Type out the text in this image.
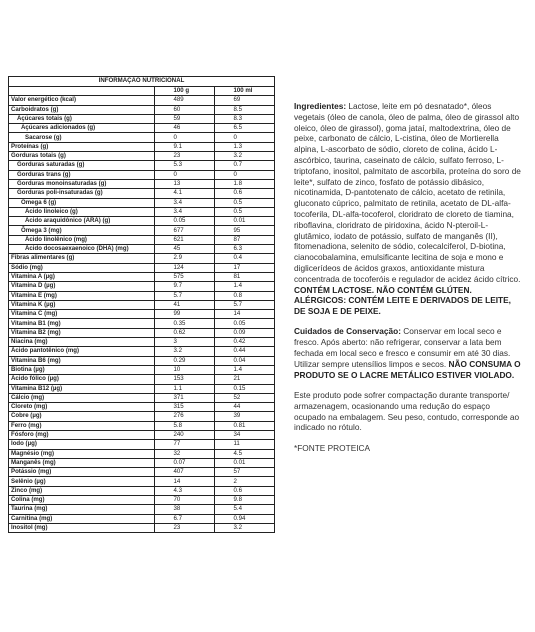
INFORMAÇÃO NUTRICIONAL		
	100 g	100 ml
Valor energético (kcal)	489	69
Carboidratos (g)	60	8.5
Açúcares totais (g)	59	8.3
Açúcares adicionados (g)	46	6.5
Sacarose (g)	0	0
Proteínas (g)	9.1	1.3
Gorduras totais (g)	23	3.2
Gorduras saturadas (g)	5.3	0.7
Gorduras trans (g)	0	0
Gorduras monoinsaturadas (g)	13	1.8
Gorduras poli-insaturadas (g)	4.1	0.6
Ômega 6 (g)	3.4	0.5
Ácido linoleico (g)	3.4	0.5
Ácido araquidônico (ARA) (g)	0.05	0.01
Ômega 3 (mg)	677	95
Ácido linolênico (mg)	621	87
Ácido docosaexaenoico (DHA) (mg)	45	6.3
Fibras alimentares (g)	2.9	0.4
Sódio (mg)	124	17
Vitamina A (µg)	575	81
Vitamina D (µg)	9.7	1.4
Vitamina E (mg)	5.7	0.8
Vitamina K (µg)	41	5.7
Vitamina C (mg)	99	14
Vitamina B1 (mg)	0.35	0.05
Vitamina B2 (mg)	0.62	0.09
Niacina (mg)	3	0.42
Ácido pantotênico (mg)	3.2	0.44
Vitamina B6 (mg)	0.29	0.04
Biotina (µg)	10	1.4
Ácido fólico (µg)	153	21
Vitamina B12 (µg)	1.1	0.15
Cálcio (mg)	371	52
Cloreto (mg)	315	44
Cobre (µg)	276	39
Ferro (mg)	5.8	0.81
Fósforo (mg)	240	34
Iodo (µg)	77	11
Magnésio (mg)	32	4.5
Manganês (mg)	0.07	0.01
Potássio (mg)	407	57
Selênio (µg)	14	2
Zinco (mg)	4.3	0.6
Colina (mg)	70	9.8
Taurina (mg)	38	5.4
Carnitina (mg)	6.7	0.94
Inositol (mg)	23	3.2

Ingredientes: Lactose, leite em pó desnatado*, óleos vegetais (óleo de canola, óleo de palma, óleo de girassol alto oleico, óleo de girassol), goma jataí, maltodextrina, óleo de peixe, carbonato de cálcio, L-cistina, óleo de Mortierella alpina, L-ascorbato de sódio, cloreto de colina, ácido L-ascórbico, taurina, caseinato de cálcio, sulfato ferroso, L-triptofano, inositol, palmitato de ascorbila, proteína do soro de leite*, sulfato de zinco, fosfato de potássio dibásico, nicotinamida, D-pantotenato de cálcio, acetato de retinila, gluconato cúprico, palmitato de retinila, acetato de DL-alfa-tocoferila, DL-alfa-tocoferol, cloridrato de cloreto de tiamina, riboflavina, cloridrato de piridoxina, ácido N-pteroil-L-glutâmico, iodato de potássio, sulfato de manganês (II), fitomenadiona, selenito de sódio, colecalciferol, D-biotina, cianocobalamina, emulsificante lecitina de soja e mono e diglicerídeos de ácidos graxos, antioxidante mistura concentrada de tocoferóis e regulador de acidez ácido cítrico. CONTÉM LACTOSE. NÃO CONTÉM GLÚTEN. ALÉRGICOS: CONTÉM LEITE E DERIVADOS DE LEITE, DE SOJA E DE PEIXE.

Cuidados de Conservação: Conservar em local seco e fresco. Após aberto: não refrigerar, conservar a lata bem fechada em local seco e fresco e consumir em até 30 dias. Utilizar sempre utensílios limpos e secos. NÃO CONSUMA O PRODUTO SE O LACRE METÁLICO ESTIVER VIOLADO.

Este produto pode sofrer compactação durante transporte/ armazenagem, ocasionando uma redução do espaço ocupado na embalagem. Seu peso, contudo, corresponde ao indicado no rótulo.

*FONTE PROTEICA
